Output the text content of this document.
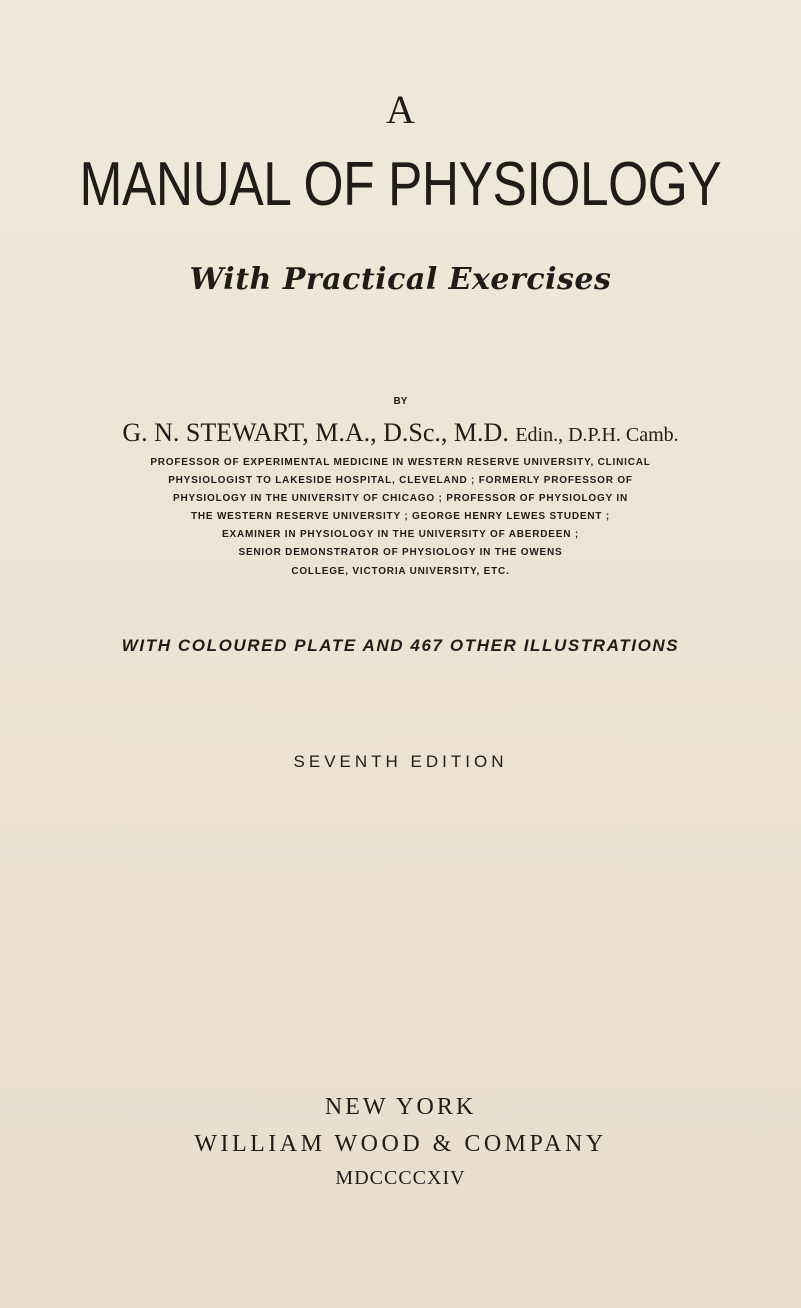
A
MANUAL OF PHYSIOLOGY
With Practical Exercises
BY
G. N. STEWART, M.A., D.Sc., M.D. Edin., D.P.H. Camb.
PROFESSOR OF EXPERIMENTAL MEDICINE IN WESTERN RESERVE UNIVERSITY, CLINICAL
PHYSIOLOGIST TO LAKESIDE HOSPITAL, CLEVELAND ; FORMERLY PROFESSOR OF
PHYSIOLOGY IN THE UNIVERSITY OF CHICAGO ; PROFESSOR OF PHYSIOLOGY IN
THE WESTERN RESERVE UNIVERSITY ; GEORGE HENRY LEWES STUDENT ;
EXAMINER IN PHYSIOLOGY IN THE UNIVERSITY OF ABERDEEN ;
SENIOR DEMONSTRATOR OF PHYSIOLOGY IN THE OWENS
COLLEGE, VICTORIA UNIVERSITY, ETC.
WITH COLOURED PLATE AND 467 OTHER ILLUSTRATIONS
SEVENTH EDITION
NEW YORK
WILLIAM WOOD & COMPANY
MDCCCCXIV
